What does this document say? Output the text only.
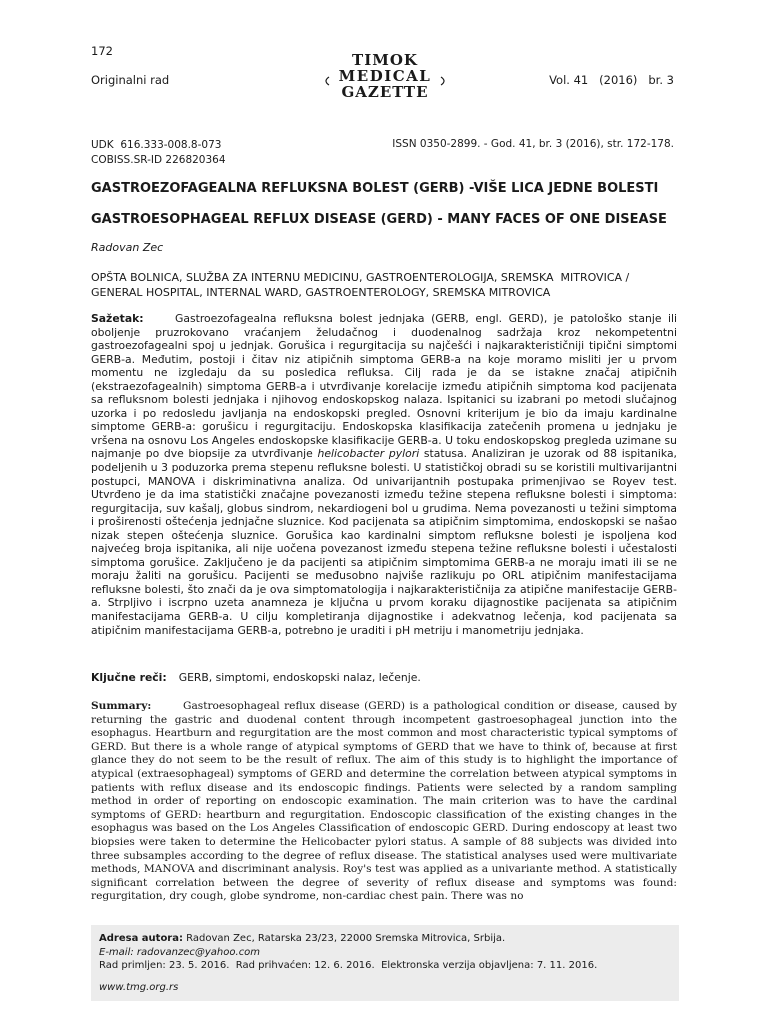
172
Originalni rad
TIMOK
MEDICAL
GAZETTE
Vol. 41   (2016)   br. 3
UDK  616.333-008.8-073
COBISS.SR-ID 226820364
ISSN 0350-2899. - God. 41, br. 3 (2016), str. 172-178.
GASTROEZOFAGEALNA REFLUKSNA BOLEST (GERB) -VIŠE LICA JEDNE BOLESTI
GASTROESOPHAGEAL REFLUX DISEASE (GERD) - MANY FACES OF ONE DISEASE
Radovan Zec
OPŠTA BOLNICA, SLUŽBA ZA INTERNU MEDICINU, GASTROENTEROLOGIJA, SREMSKA  MITROVICA /
GENERAL HOSPITAL, INTERNAL WARD, GASTROENTEROLOGY, SREMSKA MITROVICA
Sažetak:	Gastroezofagealna refluksna bolest jednjaka (GERB, engl. GERD), je patološko stanje ili oboljenje pruzrokovano vraćanjem želudačnog i duodenalnog sadržaja kroz nekompetentni gastroezofagealni spoj u jednjak. Gorušica i regurgitacija su najčešći i najkarakterističniji tipični simptomi GERB-a. Međutim, postoji i čitav niz atipičnih simptoma GERB-a na koje moramo misliti jer u prvom momentu ne izgledaju da su posledica refluksa. Cilj rada je da se istakne značaj atipičnih (ekstraezofagealnih) simptoma GERB-a i utvrđivanje korelacije između atipičnih simptoma kod pacijenata sa refluksnom bolesti jednjaka i njihovog endoskopskog nalaza. Ispitanici su izabrani po metodi slučajnog uzorka i po redosledu javljanja na endoskopski pregled. Osnovni kriterijum je bio da imaju kardinalne simptome GERB-a: gorušicu i regurgitaciju. Endoskopska klasifikacija zatečenih promena u jednjaku je vršena na osnovu Los Angeles endoskopske klasifikacije GERB-a. U toku endoskopskog pregleda uzimane su najmanje po dve biopsije za utvrđivanje helicobacter pylori statusa. Analiziran je uzorak od 88 ispitanika, podeljenih u 3 poduzorka prema stepenu refluksne bolesti. U statističkoj obradi su se koristili multivarijantni postupci, MANOVA i diskriminativna analiza. Od univarijantnih postupaka primenjivao se Royev test. Utvrđeno je da ima statistički značajne povezanosti između težine stepena refluksne bolesti i simptoma: regurgitacija, suv kašalj, globus sindrom, nekardiogeni bol u grudima. Nema povezanosti u težini simptoma i proširenosti oštećenja jednjačne sluznice. Kod pacijenata sa atipičnim simptomima, endoskopski se našao nizak stepen oštećenja sluznice. Gorušica kao kardinalni simptom refluksne bolesti je ispoljena kod najvećeg broja ispitanika, ali nije uočena povezanost između stepena težine refluksne bolesti i učestalosti simptoma gorušice. Zaključeno je da pacijenti sa atipičnim simptomima GERB-a ne moraju imati ili se ne moraju žaliti na gorušicu. Pacijenti se međusobno najviše razlikuju po ORL atipičnim manifestacijama refluksne bolesti, što znači da je ova simptomatologija i najkarakterističnija za atipične manifestacije GERB-a. Strpljivo i iscrpno uzeta anamneza je ključna u prvom koraku dijagnostike pacijenata sa atipičnim manifestacijama GERB-a. U cilju kompletiranja dijagnostike i adekvatnog lečenja, kod pacijenata sa atipičnim manifestacijama GERB-a, potrebno je uraditi i pH metriju i manometriju jednjaka.
Ključne reči: GERB, simptomi, endoskopski nalaz, lečenje.
Summary:	Gastroesophageal reflux disease (GERD) is a pathological condition or disease, caused by returning the gastric and duodenal content through incompetent gastroesophageal junction into the esophagus. Heartburn and regurgitation are the most common and most characteristic typical symptoms of GERD. But there is a whole range of atypical symptoms of GERD that we have to think of, because at first glance they do not seem to be the result of reflux. The aim of this study is to highlight the importance of atypical (extraesophageal) symptoms of GERD and determine the correlation between atypical symptoms in patients with reflux disease and its endoscopic findings. Patients were selected by a random sampling method in order of reporting on endoscopic examination. The main criterion was to have the cardinal symptoms of GERD: heartburn and regurgitation. Endoscopic classification of the existing changes in the esophagus was based on the Los Angeles Classification of endoscopic GERD. During endoscopy at least two biopsies were taken to determine the Helicobacter pylori status. A sample of 88 subjects was divided into three subsamples according to the degree of reflux disease. The statistical analyses used were multivariate methods, MANOVA and discriminant analysis. Roy's test was applied as a univariante method. A statistically significant correlation between the degree of severity of reflux disease and symptoms was found: regurgitation, dry cough, globe syndrome, non-cardiac chest pain. There was no
Adresa autora: Radovan Zec, Ratarska 23/23, 22000 Sremska Mitrovica, Srbija.
E-mail: radovanzec@yahoo.com
Rad primljen: 23. 5. 2016.  Rad prihvaćen: 12. 6. 2016.  Elektronska verzija objavljena: 7. 11. 2016.
www.tmg.org.rs
